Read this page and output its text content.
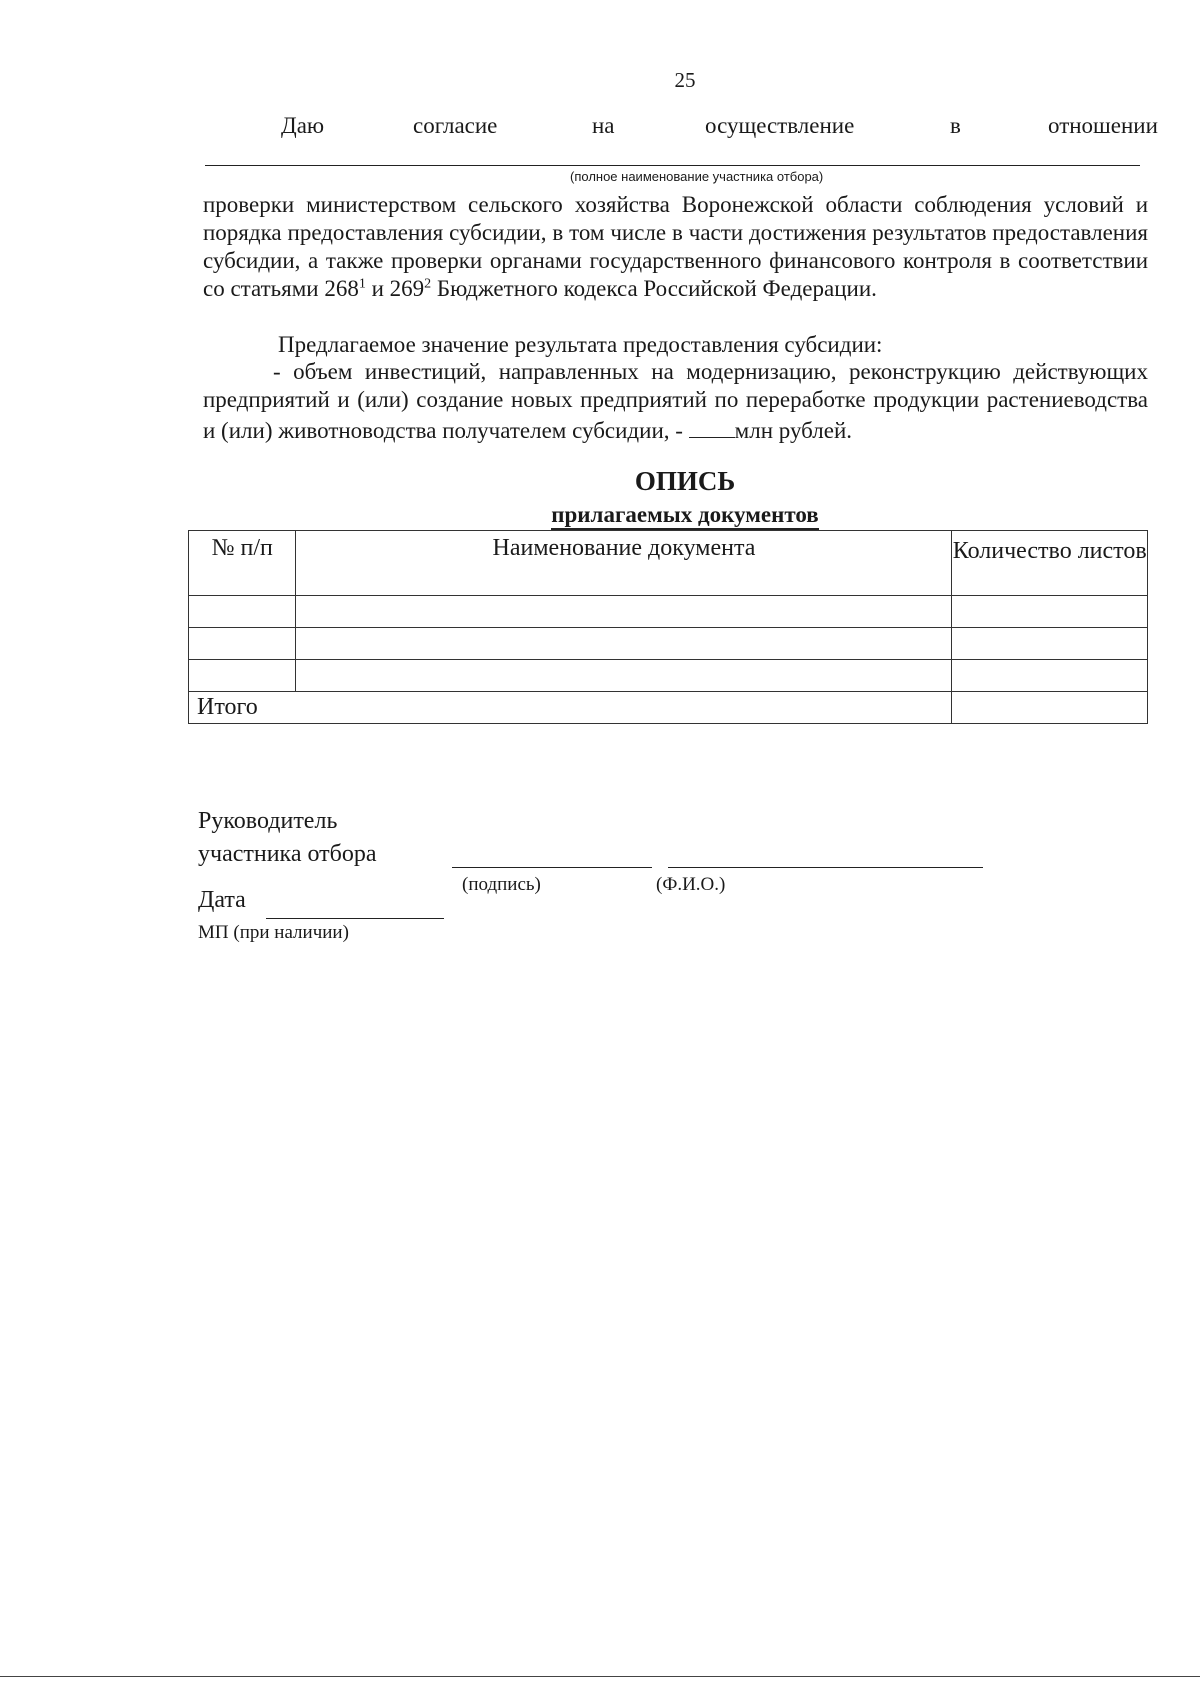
25
Даю	согласие	на	осуществление	в	отношении
(полное наименование участника отбора)

проверки министерством сельского хозяйства Воронежской области соблюдения условий и порядка предоставления субсидии, в том числе в части достижения результатов предоставления субсидии, а также проверки органами государственного финансового контроля в соответствии со статьями $268^1$ и $269^2$ Бюджетного кодекса Российской Федерации.

Предлагаемое значение результата предоставления субсидии:

- объем инвестиций, направленных на модернизацию, реконструкцию действующих предприятий и (или) создание новых предприятий по переработке продукции растениеводства и (или) животноводства получателем субсидии, - млн рублей.

ОПИСЬ
прилагаемых документов
№ п/п	Наименование документа	Количество листов

Итого		
Руководитель
участника отбора
(подпись)	(Ф.И.О.)
Дата
МП (при наличии)
